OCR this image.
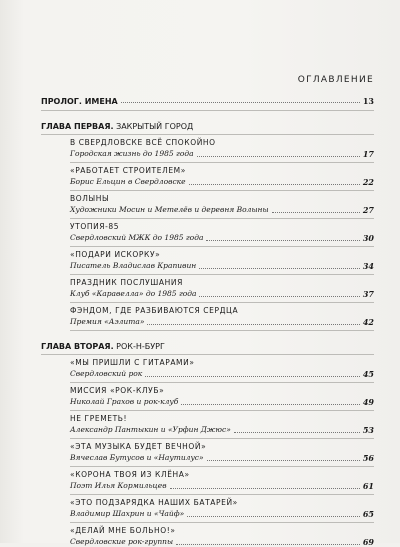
ОГЛАВЛЕНИЕ
ПРОЛОГ. ИМЕНА	13
ГЛАВА ПЕРВАЯ. ЗАКРЫТЫЙ ГОРОД
В СВЕРДЛОВСКЕ ВСЁ СПОКОЙНО
Городская жизнь до 1985 года	17
«РАБОТАЕТ СТРОИТЕЛЕМ»
Борис Ельцин в Свердловске	22
ВОЛЫНЫ
Художники Мосин и Метелёв и деревня Волыны	27
УТОПИЯ-85
Свердловский МЖК до 1985 года	30
«ПОДАРИ ИСКОРКУ»
Писатель Владислав Крапивин	34
ПРАЗДНИК ПОСЛУШАНИЯ
Клуб «Каравелла» до 1985 года	37
ФЭНДОМ, ГДЕ РАЗБИВАЮТСЯ СЕРДЦА
Премия «Аэлита»	42
ГЛАВА ВТОРАЯ. РОК-Н-БУРГ
«МЫ ПРИШЛИ С ГИТАРАМИ»
Свердловский рок	45
МИССИЯ «РОК-КЛУБ»
Николай Грахов и рок-клуб	49
НЕ ГРЕМЕТЬ!
Александр Пантыкин и «Урфин Джюс»	53
«ЭТА МУЗЫКА БУДЕТ ВЕЧНОЙ»
Вячеслав Бутусов и «Наутилус»	56
«КОРОНА ТВОЯ ИЗ КЛЁНА»
Поэт Илья Кормильцев	61
«ЭТО ПОДЗАРЯДКА НАШИХ БАТАРЕЙ»
Владимир Шахрин и «Чайф»	65
«ДЕЛАЙ МНЕ БОЛЬНО!»
Свердловские рок-группы	69
